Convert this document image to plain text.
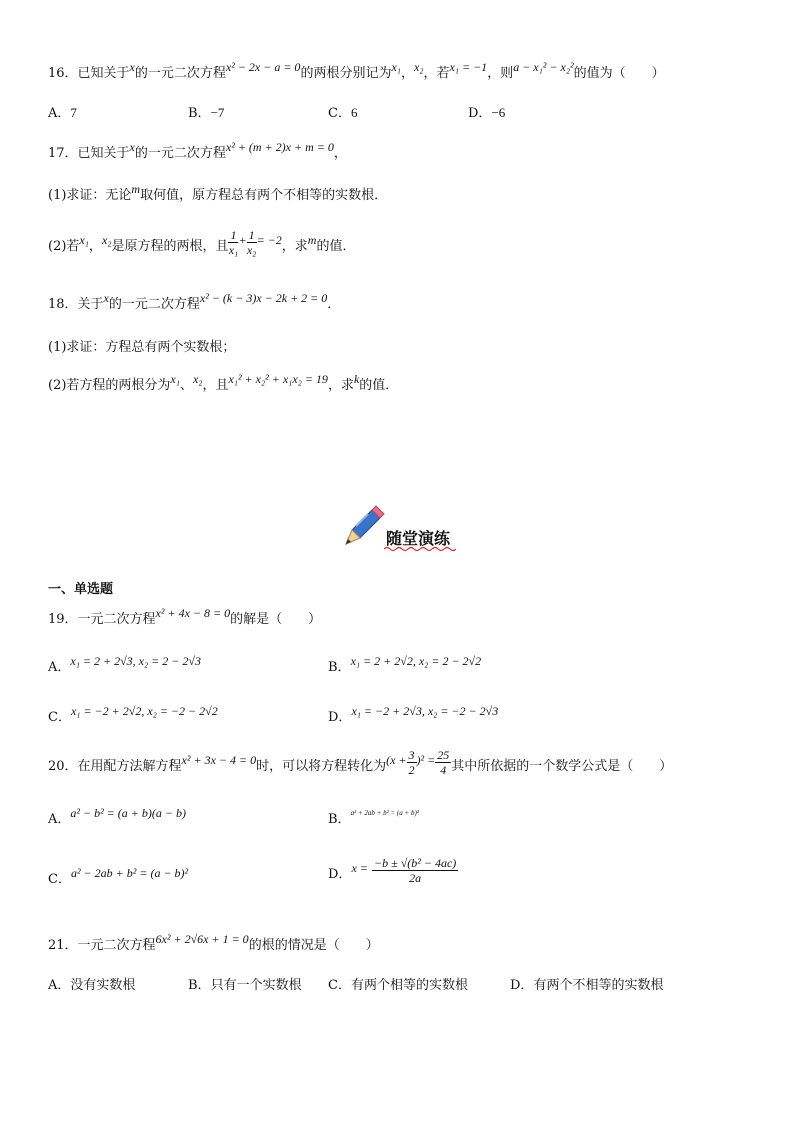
16．已知关于x的一元二次方程x² − 2x − a = 0的两根分别记为x₁，x₂，若x₁ = −1，则a − x₁² − x₂²的值为（　　）
A．7	B．−7	C．6	D．−6
17．已知关于x的一元二次方程x² + (m + 2)x + m = 0，
(1)求证：无论m取何值，原方程总有两个不相等的实数根．
(2)若x₁，x₂是原方程的两根，且 $\frac{1}{\text{x₁}} + \frac{1}{\text{x₂}} = -2$，求m的值．
18．关于x的一元二次方程x² − (k − 3)x − 2k + 2 = 0．
(1)求证：方程总有两个实数根；
(2)若方程的两根分为x₁、x₂，且x₁² + x₂² + x₁x₂ = 19，求k的值．
随堂演练
一、单选题
19．一元二次方程x² + 4x − 8 = 0的解是（　　）
A．x₁ = 2 + 2√3, x₂ = 2 − 2√3	B．x₁ = 2 + 2√2, x₂ = 2 − 2√2
C．x₁ = −2 + 2√2, x₂ = −2 − 2√2	D．x₁ = −2 + 2√3, x₂ = −2 − 2√3
20．在用配方法解方程x² + 3x − 4 = 0时，可以将方程转化为$(x + \frac{3}{2} )^2 = \frac{25}{4}$ 其中所依据的一个数学公式是（　　）
A．a² − b² = (a + b)(a − b)	B．$^{a^2 + 2ab + b^2 = (a + b)^2}$
C．a² − 2ab + b² = (a − b)²	D．$x = \frac{\text{−b ± √(b² − 4ac)}}{2a}$
21．一元二次方程6x² + 2√6x + 1 = 0的根的情况是（　　）
A．没有实数根	B．只有一个实数根 C．有两个相等的实数根	D．有两个不相等的实数根
